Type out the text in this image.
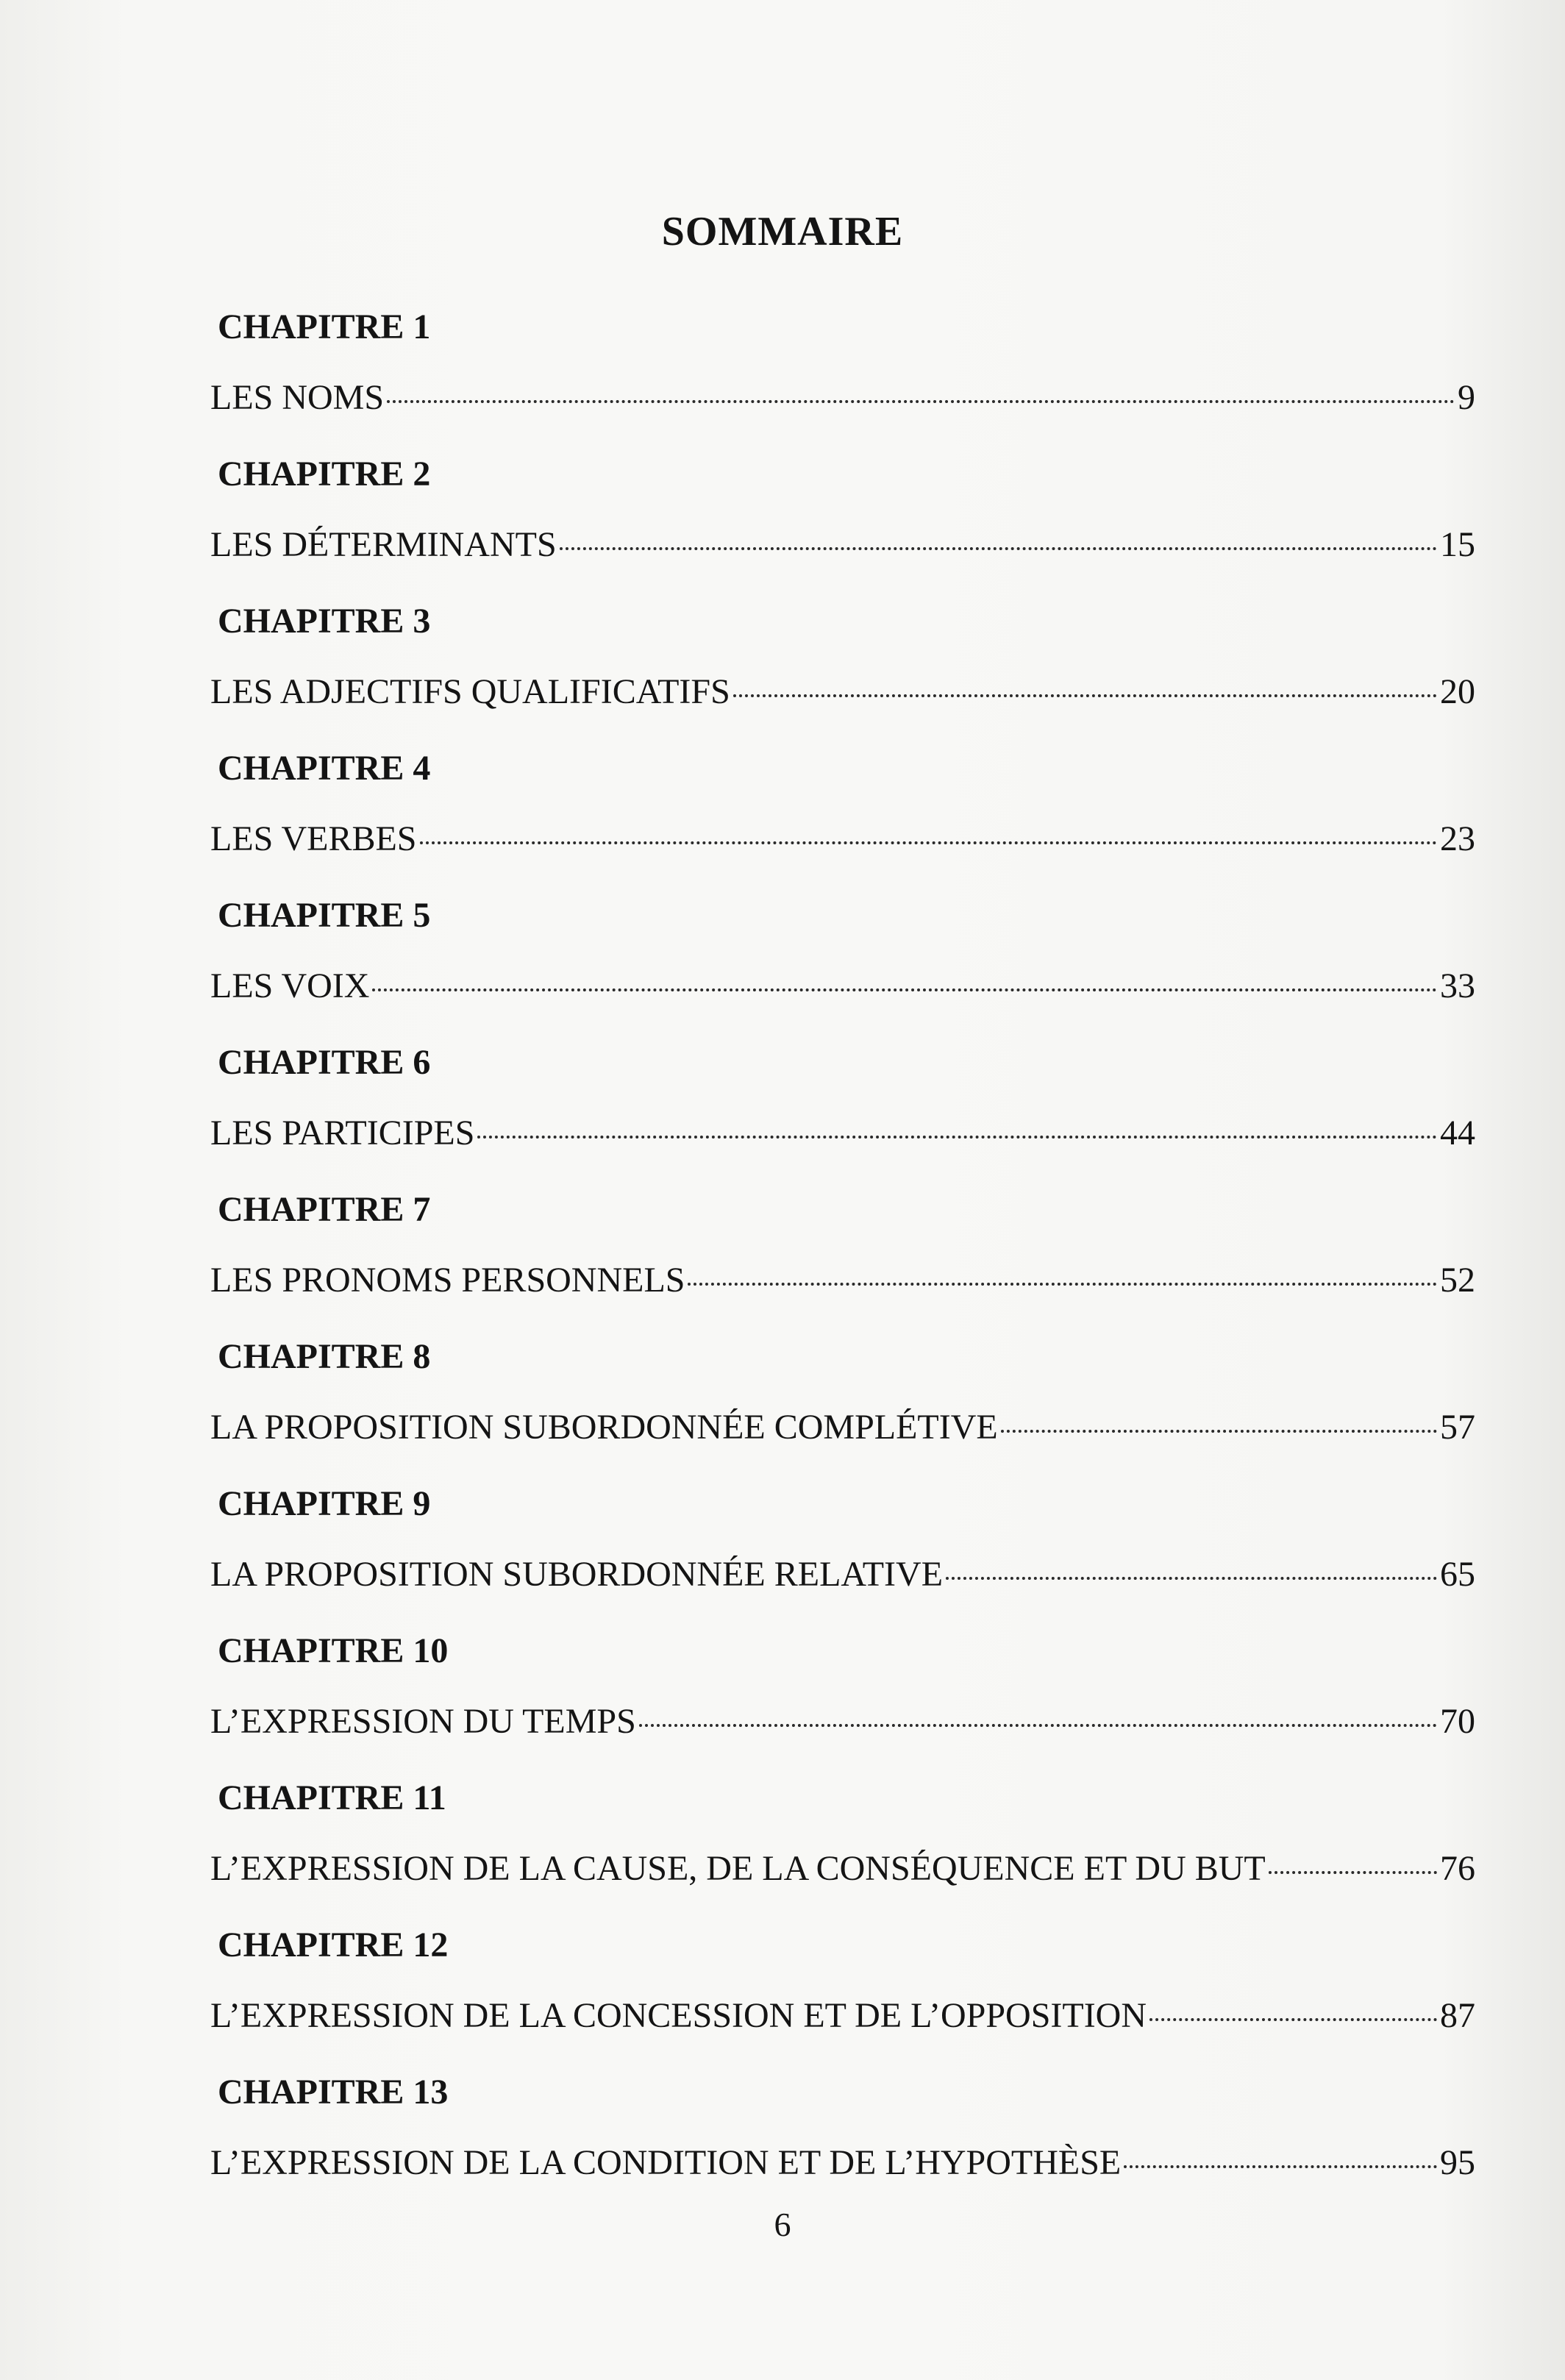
SOMMAIRE
CHAPITRE 1
LES NOMS	9
CHAPITRE 2
LES DÉTERMINANTS	15
CHAPITRE 3
LES ADJECTIFS QUALIFICATIFS	20
CHAPITRE 4
LES VERBES	23
CHAPITRE 5
LES VOIX	33
CHAPITRE 6
LES PARTICIPES	44
CHAPITRE 7
LES PRONOMS PERSONNELS	52
CHAPITRE 8
LA PROPOSITION SUBORDONNÉE COMPLÉTIVE	57
CHAPITRE 9
LA PROPOSITION SUBORDONNÉE RELATIVE	65
CHAPITRE 10
L’EXPRESSION DU TEMPS	70
CHAPITRE 11
L’EXPRESSION DE LA CAUSE, DE LA CONSÉQUENCE ET DU BUT	76
CHAPITRE 12
L’EXPRESSION DE LA CONCESSION ET DE L’OPPOSITION	87
CHAPITRE 13
L’EXPRESSION DE LA CONDITION ET DE L’HYPOTHÈSE	95
6
